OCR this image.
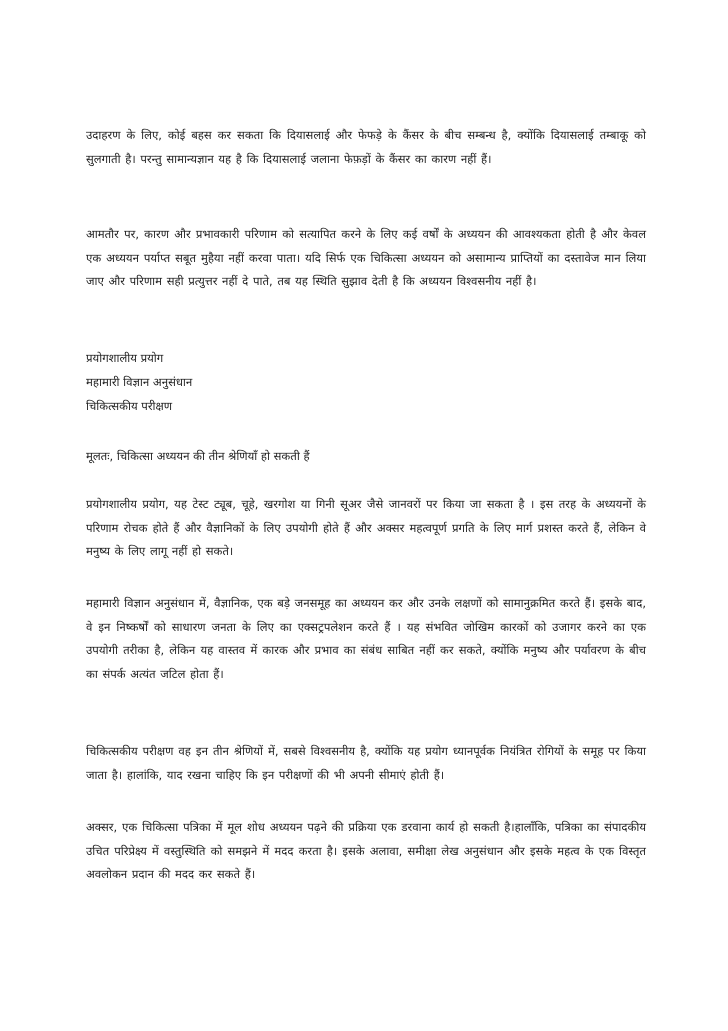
उदाहरण के लिए, कोई बहस कर सकता कि दियासलाई और फेफड़े के कैंसर के बीच सम्बन्ध है, क्योंकि दियासलाई तम्बाकू को सुलगाती है। परन्तु सामान्यज्ञान यह है कि दियासलाई जलाना फेफ़ड़ों के कैंसर का कारण नहीं हैं।

आमतौर पर, कारण और प्रभावकारी परिणाम को सत्यापित करने के लिए कई वर्षों के अध्ययन की आवश्यकता होती है और केवल एक अध्ययन पर्याप्त सबूत मुहैया नहीं करवा पाता। यदि सिर्फ एक चिकित्सा अध्ययन को असामान्य प्राप्तियों का दस्तावेज मान लिया जाए और परिणाम सही प्रत्युत्तर नहीं दे पाते, तब यह स्थिति सुझाव देती है कि अध्ययन विश्वसनीय नहीं है।

प्रयोगशालीय प्रयोग

महामारी विज्ञान अनुसंधान

चिकित्सकीय परीक्षण

मूलतः, चिकित्सा अध्ययन की तीन श्रेणियाँ हो सकती हैं

प्रयोगशालीय प्रयोग, यह टेस्ट ट्यूब, चूहे, खरगोश या गिनी सूअर जैसे जानवरों पर किया जा सकता है । इस तरह के अध्ययनों के परिणाम रोचक होते हैं और वैज्ञानिकों के लिए उपयोगी होते हैं और अक्सर महत्वपूर्ण प्रगति के लिए मार्ग प्रशस्त करते हैं, लेकिन वे मनुष्य के लिए लागू नहीं हो सकते।

महामारी विज्ञान अनुसंधान में, वैज्ञानिक, एक बड़े जनसमूह का अध्ययन कर और उनके लक्षणों को सामानुक्रमित करते हैं। इसके बाद, वे इन निष्कर्षों को साधारण जनता के लिए का एक्सट्रपलेशन करते हैं । यह संभवित जोखिम कारकों को उजागर करने का एक उपयोगी तरीका है, लेकिन यह वास्तव में कारक और प्रभाव का संबंध साबित नहीं कर सकते, क्योंकि मनुष्य और पर्यावरण के बीच का संपर्क अत्यंत जटिल होता हैं।

चिकित्सकीय परीक्षण वह इन तीन श्रेणियों में, सबसे विश्वसनीय है, क्योंकि यह प्रयोग ध्यानपूर्वक नियंत्रित रोगियों के समूह पर किया जाता है। हालांकि, याद रखना चाहिए कि इन परीक्षणों की भी अपनी सीमाएं होती हैं।

अक्सर, एक चिकित्सा पत्रिका में मूल शोध अध्ययन पढ़ने की प्रक्रिया एक डरवाना कार्य हो सकती है।हालाँकि, पत्रिका का संपादकीय उचित परिप्रेक्ष्य में वस्तुस्थिति को समझने में मदद करता है। इसके अलावा, समीक्षा लेख अनुसंधान और इसके महत्व के एक विस्तृत अवलोकन प्रदान की मदद कर सकते हैं।
